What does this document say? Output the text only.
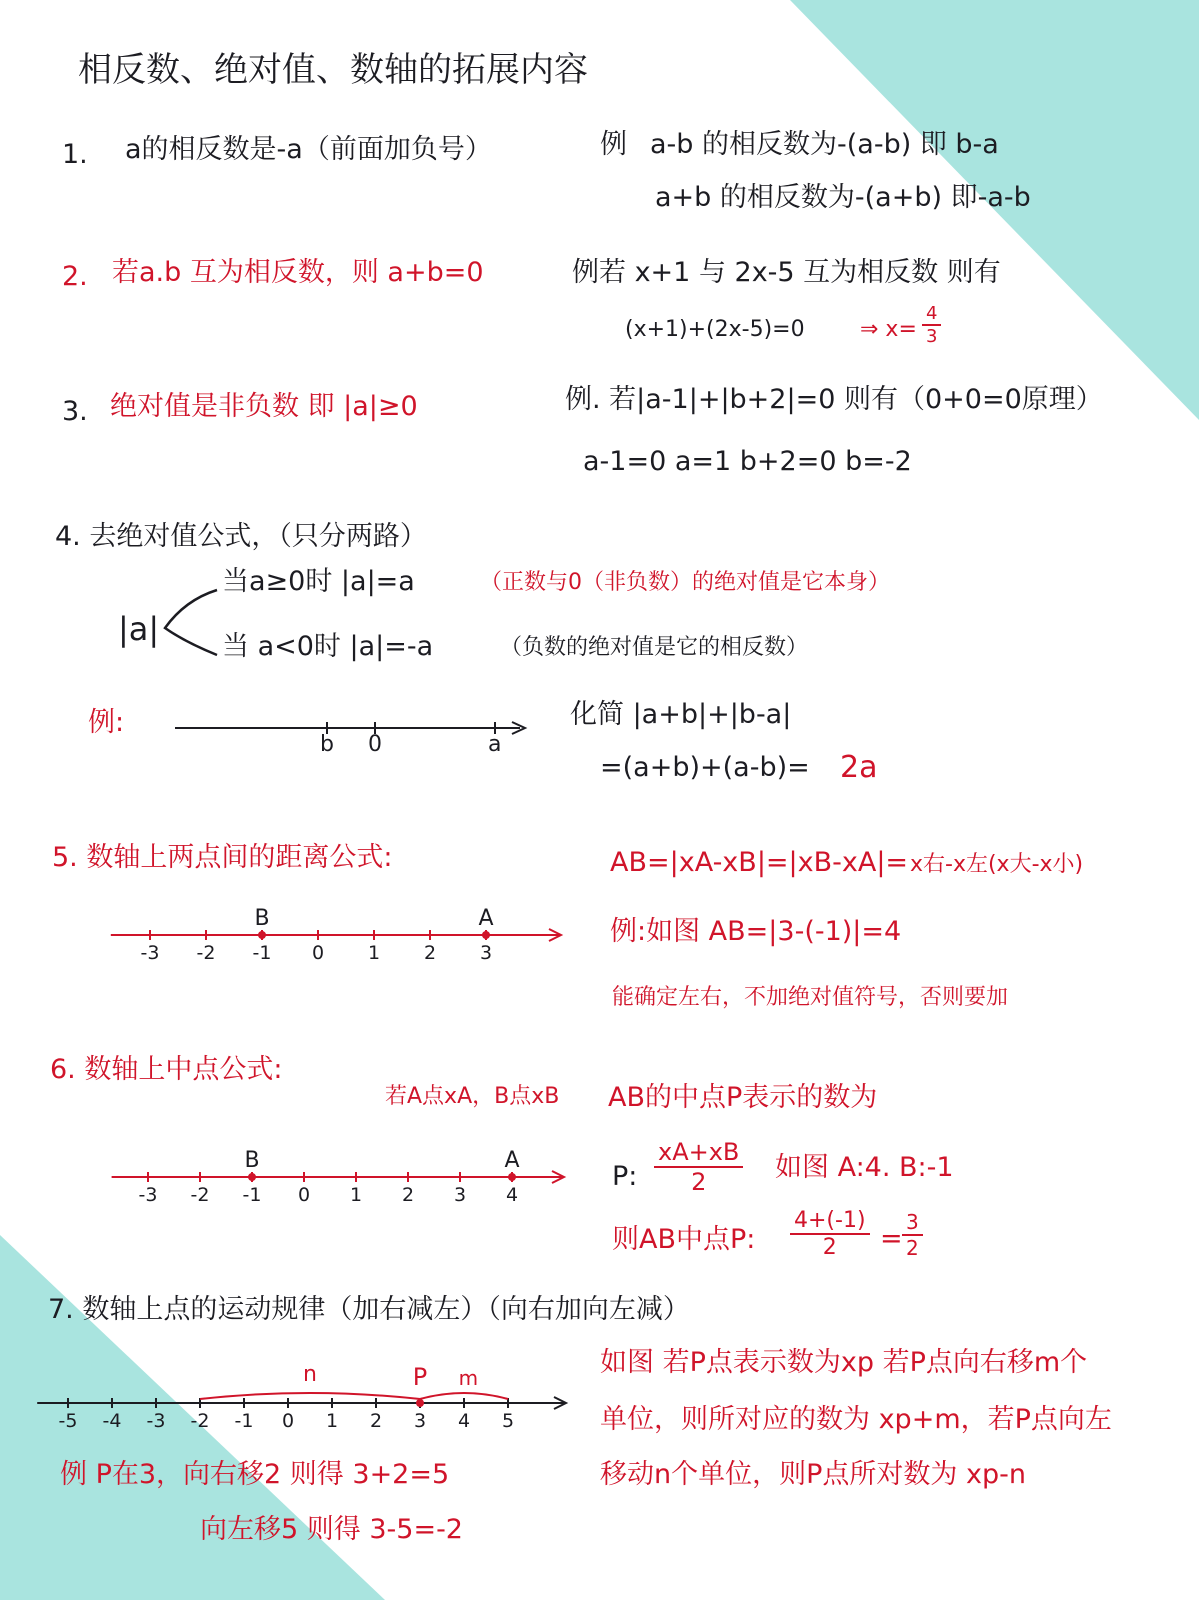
相反数、绝对值、数轴的拓展内容
1. a的相反数是-a（前面加负号）	例 a-b 的相反数为-(a-b) 即 b-a
a+b 的相反数为-(a+b) 即-a-b
2. 若a.b 互为相反数，则 a+b=0	例若 x+1 与 2x-5 互为相反数 则有
(x+1)+(2x-5)=0	⇒ $x= \frac{4}{3}$
3. 绝对值是非负数 即 |a|≥0	例. 若|a-1|+|b+2|=0 则有（0+0=0原理）
a-1=0 a=1 b+2=0 b=-2
4. 去绝对值公式，（只分两路）
|a|
当a≥0时 |a|=a	（正数与0（非负数）的绝对值是它本身）
当 a<0时 |a|=-a	（负数的绝对值是它的相反数）
例:
b 0	a
化简 |a+b|+|b-a|
=(a+b)+(a-b)= 2a
5. 数轴上两点间的距离公式:	AB=|xA-xB|=|xB-xA|= x右-x左(x大-x小)
例:如图 AB=|3-(-1)|=4
能确定左右，不加绝对值符号，否则要加
-3 -2 -1 0 1 2 3
B	A
6. 数轴上中点公式:
若A点xA，B点xB AB的中点P表示的数为
P: $\frac{xA+xB}{2}$ 如图 A:4. B:-1
则AB中点P: $\frac{4+(-1)}{2} = \frac{3}{2}$
-3 -2 -1 0 1 2 3 4
B	A
7. 数轴上点的运动规律（加右减左）（向右加向左减）
-5 -4 -3 -2 -1 0 1 2 3 4 5
n	P m
例 P在3，向右移2 则得 3+2=5
向左移5 则得 3-5=-2
如图 若P点表示数为xp 若P点向右移m个
单位，则所对应的数为 xp+m，若P点向左
移动n个单位，则P点所对数为 xp-n
